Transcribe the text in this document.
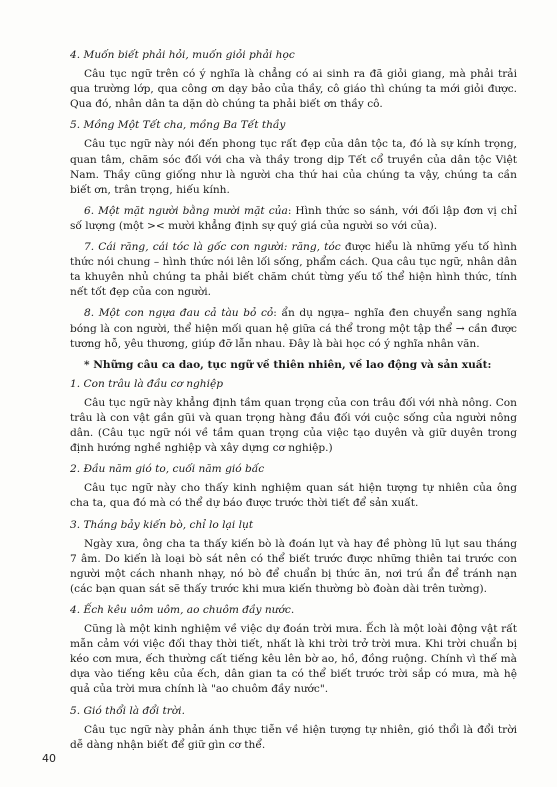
4. Muốn biết phải hỏi, muốn giỏi phải học

Câu tục ngữ trên có ý nghĩa là chẳng có ai sinh ra đã giỏi giang, mà phải trải qua trường lớp, qua công ơn dạy bảo của thầy, cô giáo thì chúng ta mới giỏi được. Qua đó, nhân dân ta dặn dò chúng ta phải biết ơn thầy cô.

5. Mồng Một Tết cha, mồng Ba Tết thầy

Câu tục ngữ này nói đến phong tục rất đẹp của dân tộc ta, đó là sự kính trọng, quan tâm, chăm sóc đối với cha và thầy trong dịp Tết cổ truyền của dân tộc Việt Nam. Thầy cũng giống như là người cha thứ hai của chúng ta vậy, chúng ta cần biết ơn, trân trọng, hiếu kính.

6. Một mặt người bằng mười mặt của: Hình thức so sánh, với đối lập đơn vị chỉ số lượng (một >< mười khẳng định sự quý giá của người so với của).

7. Cái răng, cái tóc là gốc con người: răng, tóc được hiểu là những yếu tố hình thức nói chung – hình thức nói lên lối sống, phẩm cách. Qua câu tục ngữ, nhân dân ta khuyên nhủ chúng ta phải biết chăm chút từng yếu tố thể hiện hình thức, tính nết tốt đẹp của con người.

8. Một con ngựa đau cả tàu bỏ cỏ: ẩn dụ ngựa– nghĩa đen chuyển sang nghĩa bóng là con người, thể hiện mối quan hệ giữa cá thể trong một tập thể → cần được tương hỗ, yêu thương, giúp đỡ lẫn nhau. Đây là bài học có ý nghĩa nhân văn.

* Những câu ca dao, tục ngữ về thiên nhiên, về lao động và sản xuất:

1. Con trâu là đầu cơ nghiệp

Câu tục ngữ này khẳng định tầm quan trọng của con trâu đối với nhà nông. Con trâu là con vật gần gũi và quan trọng hàng đầu đối với cuộc sống của người nông dân. (Câu tục ngữ nói về tầm quan trọng của việc tạo duyên và giữ duyên trong định hướng nghề nghiệp và xây dựng cơ nghiệp.)

2. Đầu năm gió to, cuối năm gió bấc

Câu tục ngữ này cho thấy kinh nghiệm quan sát hiện tượng tự nhiên của ông cha ta, qua đó mà có thể dự báo được trước thời tiết để sản xuất.

3. Tháng bảy kiến bò, chỉ lo lại lụt

Ngày xưa, ông cha ta thấy kiến bò là đoán lụt và hay đề phòng lũ lụt sau tháng 7 âm. Do kiến là loại bò sát nên có thể biết trước được những thiên tai trước con người một cách nhanh nhạy, nó bò để chuẩn bị thức ăn, nơi trú ẩn để tránh nạn (các bạn quan sát sẽ thấy trước khi mưa kiến thường bò đoàn dài trên tường).

4. Ếch kêu uôm uôm, ao chuôm đầy nước.

Cũng là một kinh nghiệm về việc dự đoán trời mưa. Ếch là một loài động vật rất mẫn cảm với việc đối thay thời tiết, nhất là khi trời trở trời mưa. Khi trời chuẩn bị kéo cơn mưa, ếch thường cất tiếng kêu lên bờ ao, hồ, đồng ruộng. Chính vì thế mà dựa vào tiếng kêu của ếch, dân gian ta có thể biết trước trời sắp có mưa, mà hệ quả của trời mưa chính là "ao chuôm đầy nước".

5. Gió thổi là đổi trời.

Câu tục ngữ này phản ánh thực tiễn về hiện tượng tự nhiên, gió thổi là đổi trời dễ dàng nhận biết để giữ gìn cơ thể.

40
